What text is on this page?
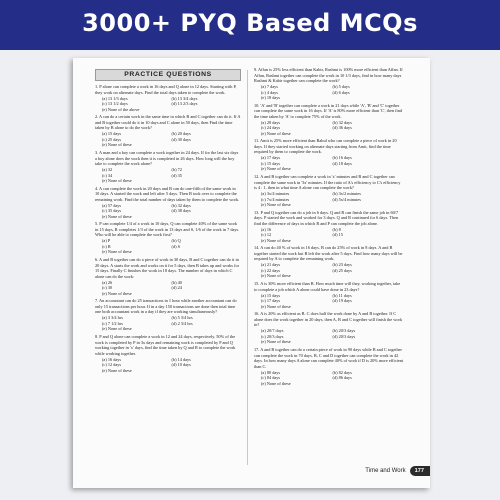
3000+ PYQ Based MCQs
PRACTICE QUESTIONS
1. P alone can complete a work in 16 days and Q alone in 12 days. Starting with P, they work on alternate days. Find the total days taken to complete the work.
(a) 13 1/3 days	(b) 13 3/4 days
(c) 13 1/2 days	(d) 13 2/3 days
(e) None of the above
2. A can do a certain work in the same time in which B and C together can do it. If A and B together could do it in 10 days and C alone in 50 days, then Find the time taken by B alone to do the work?
(a) 15 days	(b) 20 days
(c) 25 days	(d) 30 days
(e) None of these
3. A man and a boy can complete a work together in 24 days. If for the last six days a boy alone does the work then it is completed in 26 days. How long will the boy take to complete the work alone?
(a) 32	(b) 72
(c) 34	(d) 35
(e) None of these
4. A can complete the work in 20 days and B can do one-fifth of the same work in 10 days. A started the work and left after 5 days. Then B took over to complete the remaining work. Find the total number of days taken by them to complete the work.
(a) 57 days	(b) 32 days
(c) 35 days	(d) 38 days
(e) None of these
5. P can complete 1/4 of a work in 10 days, Q can complete 40% of the same work in 15 days, R completes 1/3 of the work in 13 days and S, 1/6 of the work in 7 days. Who will be able to complete the work first?
(a) P	(b) Q
(c) R	(d) S
(e) None of these
6. A and B together can do a piece of work in 30 days, B and C together can do it in 20 days. A starts the work and works on it for 5 days, then B takes up and works for 15 days. Finally C finishes the work in 18 days. The number of days in which C alone can do the work:
(a) 26	(b) 40
(c) 30	(d) 24
(e) None of these
7. An accountant can do 25 transactions in 1 hour while another accountant can do only 15 transactions per hour. If in a day 150 transactions are done then total time one both accountant work in a day if they are working simultaneously?
(a) 3 3/4 hrs	(b) 5 3/4 hrs
(c) 7 1/2 hrs	(d) 2 3/4 hrs
(e) None of these
8. P and Q alone can complete a work in 12 and 24 days, respectively. 50% of the work is completed by P in 3x days and remaining work is completed by P and Q working together in 'x' days, find the time taken by Q and R to complete the work while working together.
(a) 16 days	(b) 14 days
(c) 12 days	(d) 10 days
(e) None of these
9. Affan is 25% less efficient than Kabir, Rashmi is 100% more efficient than Affan. If Affan, Rashmi together can complete the work in 10 1/3 days, find in how many days Rashmi & Kabir together can complete the work?
(a) 7 days	(b) 5 days
(c) 4 days	(d) 6 days
(e) 18 days
10. 'A' and 'B' together can complete a work in 21 days while 'A', 'B' and 'C' together can complete the same work in 16 days. If 'A' is 80% more efficient than 'C', then find the time taken by 'A' to complete 75% of the work.
(a) 28 days	(b) 32 days
(c) 24 days	(d) 36 days
(e) None of these
11. Amit is 25% more efficient than Rahul who can complete a piece of work in 20 days. If they started working on alternate days starting from Amit, find the time required by them to complete the work.
(a) 17 days	(b) 16 days
(c) 15 days	(d) 18 days
(e) None of these
12. A and B together can complete a work in 'x' minutes and B and C together can complete the same work in '3x' minutes. If the ratio of A's efficiency to C's efficiency is 4 : 1, then in what time A alone can complete the work?
(a) 3x/4 minutes	(b) 3x/2 minutes
(c) 7x/4 minutes	(d) 5x/4 minutes
(e) None of these
13. P and Q together can do a job in 6 days. Q and R can finish the same job in 60/7 days. P started the work and worked for 3 days. Q and R continued for 6 days. Then find the difference of days in which R and P can complete the job alone.
(a) 16	(b) 8
(c) 12	(d) 15
(e) None of these
14. A can do 40 % of work in 16 days. B can do 25% of work in 8 days. A and B together started the work but B left the work after 5 days. Find how many days will be required by A to complete the remaining work.
(a) 21 days	(b) 23 days
(c) 22 days	(d) 25 days
(e) None of these
15. A is 30% more efficient than B. How much time will they, working together, take to complete a job which A alone could have done in 23 days?
(a) 15 days	(b) 11 days
(c) 17 days	(d) 19 days
(e) None of these
16. A is 20% as efficient as B. C does half the work done by A and B together. If C alone does the work together in 20 days, then A, B and C together will finish the work in?
(a) 20/7 days	(b) 20/3 days
(c) 20/3 days	(d) 20/3 days
(e) None of these
17. A and B together can do a certain piece of work in 90 days while B and C together can complete the work in 70 days. B, C and D together can complete the work in 42 days. In how many days A alone can complete 40% of work if D is 20% more efficient than C.
(a) 80 days	(b) 82 days
(c) 84 days	(d) 86 days
(e) None of these
Time and Work	177
